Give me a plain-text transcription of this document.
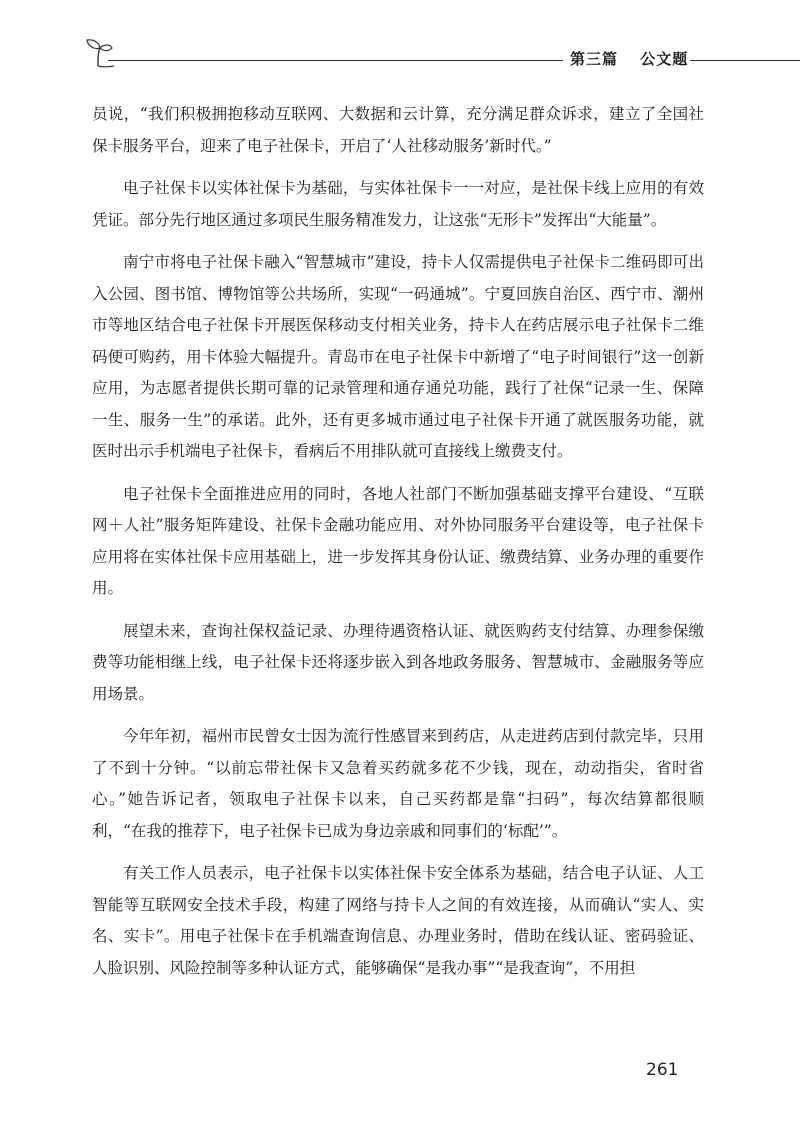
第三篇 公文题

员说，“我们积极拥抱移动互联网、大数据和云计算，充分满足群众诉求，建立了全国社保卡服务平台，迎来了电子社保卡，开启了‘人社移动服务’新时代。”

电子社保卡以实体社保卡为基础，与实体社保卡一一对应，是社保卡线上应用的有效凭证。部分先行地区通过多项民生服务精准发力，让这张“无形卡”发挥出“大能量”。

南宁市将电子社保卡融入“智慧城市”建设，持卡人仅需提供电子社保卡二维码即可出入公园、图书馆、博物馆等公共场所，实现“一码通城”。宁夏回族自治区、西宁市、潮州市等地区结合电子社保卡开展医保移动支付相关业务，持卡人在药店展示电子社保卡二维码便可购药，用卡体验大幅提升。青岛市在电子社保卡中新增了“电子时间银行”这一创新应用，为志愿者提供长期可靠的记录管理和通存通兑功能，践行了社保“记录一生、保障一生、服务一生”的承诺。此外，还有更多城市通过电子社保卡开通了就医服务功能，就医时出示手机端电子社保卡，看病后不用排队就可直接线上缴费支付。

电子社保卡全面推进应用的同时，各地人社部门不断加强基础支撑平台建设、“互联网＋人社”服务矩阵建设、社保卡金融功能应用、对外协同服务平台建设等，电子社保卡应用将在实体社保卡应用基础上，进一步发挥其身份认证、缴费结算、业务办理的重要作用。

展望未来，查询社保权益记录、办理待遇资格认证、就医购药支付结算、办理参保缴费等功能相继上线，电子社保卡还将逐步嵌入到各地政务服务、智慧城市、金融服务等应用场景。

今年年初，福州市民曾女士因为流行性感冒来到药店，从走进药店到付款完毕，只用了不到十分钟。“以前忘带社保卡又急着买药就多花不少钱，现在，动动指尖，省时省心。”她告诉记者，领取电子社保卡以来，自己买药都是靠“扫码”，每次结算都很顺利，“在我的推荐下，电子社保卡已成为身边亲戚和同事们的‘标配’”。

有关工作人员表示，电子社保卡以实体社保卡安全体系为基础，结合电子认证、人工智能等互联网安全技术手段，构建了网络与持卡人之间的有效连接，从而确认“实人、实名、实卡”。用电子社保卡在手机端查询信息、办理业务时，借助在线认证、密码验证、人脸识别、风险控制等多种认证方式，能够确保“是我办事”“是我查询”，不用担

261
